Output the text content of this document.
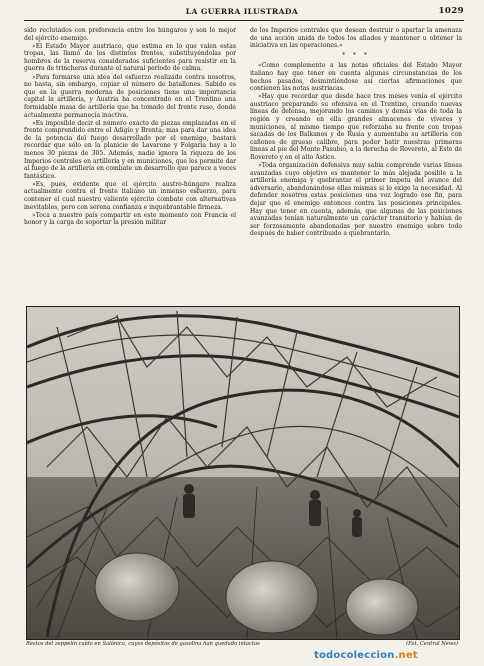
LA GUERRA ILUSTRADA	1029

sido reclutados con preferencia entre los húngaros y son lo mejor del ejército enemigo.

»El Estado Mayor austriaco, que estima en lo que valen estas tropas, las llamó de los distintos frentes, substituyéndolas por hombres de la reserva considerados suficientes para resistir en la guerra de trincheras durante el natural período de calma.

»Para formarse una idea del esfuerzo realizado contra nosotros, no basta, sin embargo, copiar el número de batallones. Sabido es que en la guerra moderna de posiciones tiene una importancia capital la artillería, y Austria ha concentrado en el Trentino una formidable masa de artillería que ha tomado del frente ruso, donde actualmente permanecía inactiva.

»Es imposible decir el número exacto de piezas emplazadas en el frente comprendido entre el Adigio y Brenta; mas para dar una idea de la potencia del fuego desarrollado por el enemigo, bastará recordar que sólo en la planicie de Lavarone y Folgaria hay a lo menos 30 piezas de 305. Además, nadie ignora la riqueza de los Imperios centrales en artillería y en municiones, que les permite dar al fuego de la artillería en combate un desarrollo que parece a veces fantástico.

»Es, pues, evidente que el ejército austro-húngaro realiza actualmente contra el frente italiano un inmenso esfuerzo, para contener el cual nuestro valiente ejército combate con alternativas inevitables, pero con serena confianza e inquebrantable firmeza.

»Toca a nuestro país compartir en este momento con Francia el honor y la carga de soportar la presión militar

de los Imperios centrales que desean destruir o apartar la amenaza de una acción unida de todos los aliados y mantener u obtener la iniciativa en las operaciones.»

* * *

«Como complemento a las notas oficiales del Estado Mayor italiano hay que tener en cuenta algunas circunstancias de los hechos pasados, desmintiéndose así ciertas afirmaciones que contienen las notas austriacas.

»Hay que recordar que desde hace tres meses venía el ejército austriaco preparando su ofensiva en el Trentino, creando nuevas líneas de defensa, mejorando los caminos y demás vías de toda la región y creando en ella grandes almacenes de víveres y municiones, al mismo tiempo que reforzaba su frente con tropas sacadas de los Balkanes y de Rusia y aumentaba su artillería con cañones de grueso calibre, para poder batir nuestras primeras líneas al pie del Monte Pasubio, a la derecha de Rovereto, al Este de Rovereto y en el alto Astico.

»Toda organización defensiva muy sabia comprende varias líneas avanzadas cuyo objetivo es mantener lo más alejada posible a la artillería enemiga y quebrantar el primer ímpetu del avance del adversario, abandonándose ellas mismas si lo exige la necesidad. Al defender nosotros estas posiciones una vez logrado ese fin, para dejar que el enemigo entonces contra las posiciones principales. Hay que tener en cuenta, además, que algunas de las posiciones avanzadas tenían naturalmente un carácter transitorio y habían de ser forzosamente abandonadas por nuestro enemigo sobre todo después de haber contribuido a quebrantarlo.

Restos del zeppelin caído en Salónica, cuyos depósitos de gasolina han quedado intactos	(Fot. Central News)
todocoleccion.net
